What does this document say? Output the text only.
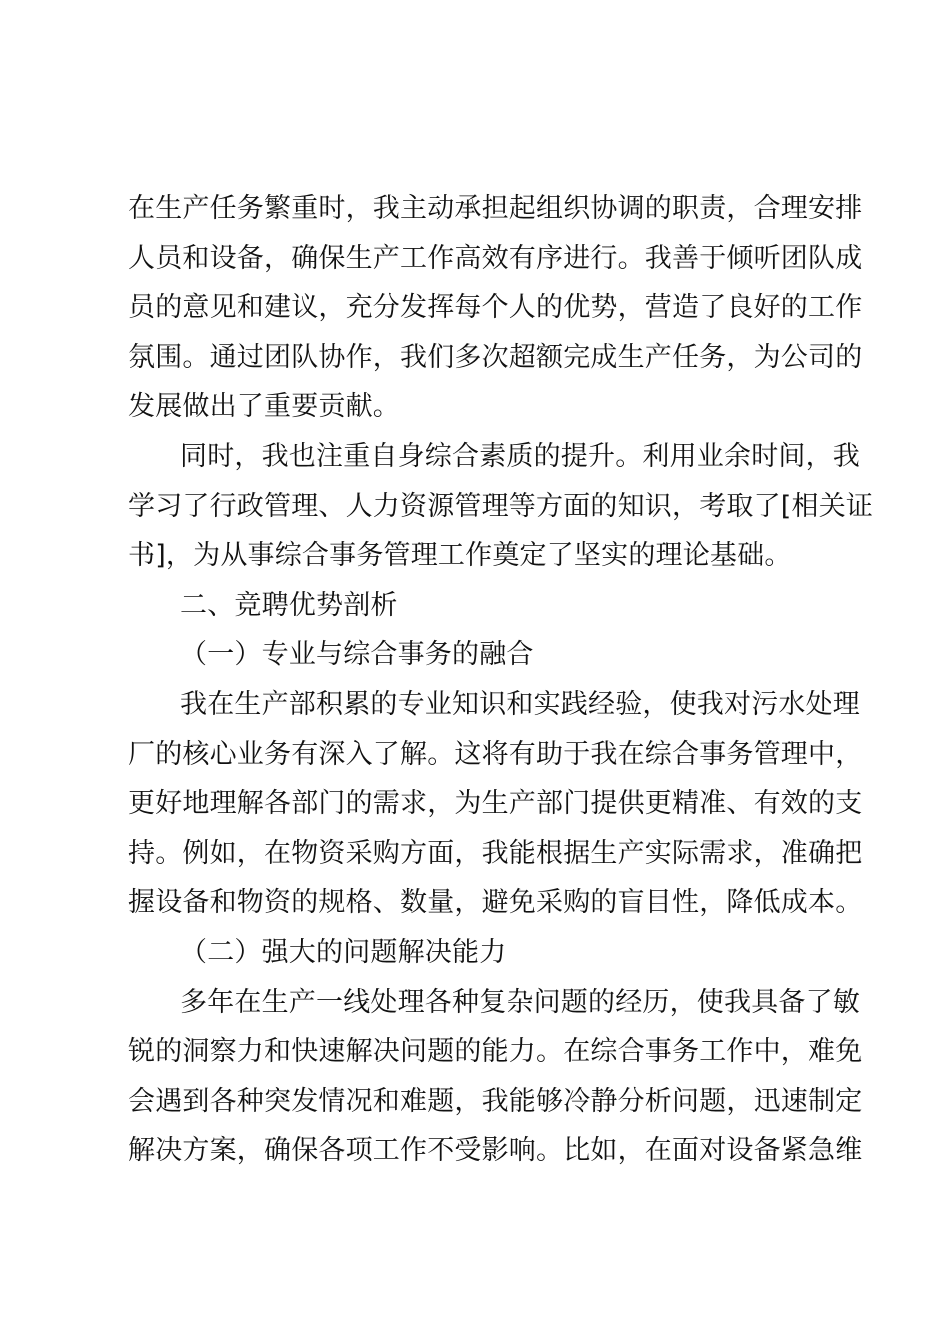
在生产任务繁重时，我主动承担起组织协调的职责，合理安排
人员和设备，确保生产工作高效有序进行。我善于倾听团队成
员的意见和建议，充分发挥每个人的优势，营造了良好的工作
氛围。通过团队协作，我们多次超额完成生产任务，为公司的
发展做出了重要贡献。
同时，我也注重自身综合素质的提升。利用业余时间，我
学习了行政管理、人力资源管理等方面的知识，考取了[相关证
书]，为从事综合事务管理工作奠定了坚实的理论基础。
二、竞聘优势剖析
（一）专业与综合事务的融合
我在生产部积累的专业知识和实践经验，使我对污水处理
厂的核心业务有深入了解。这将有助于我在综合事务管理中，
更好地理解各部门的需求，为生产部门提供更精准、有效的支
持。例如，在物资采购方面，我能根据生产实际需求，准确把
握设备和物资的规格、数量，避免采购的盲目性，降低成本。
（二）强大的问题解决能力
多年在生产一线处理各种复杂问题的经历，使我具备了敏
锐的洞察力和快速解决问题的能力。在综合事务工作中，难免
会遇到各种突发情况和难题，我能够冷静分析问题，迅速制定
解决方案，确保各项工作不受影响。比如，在面对设备紧急维
